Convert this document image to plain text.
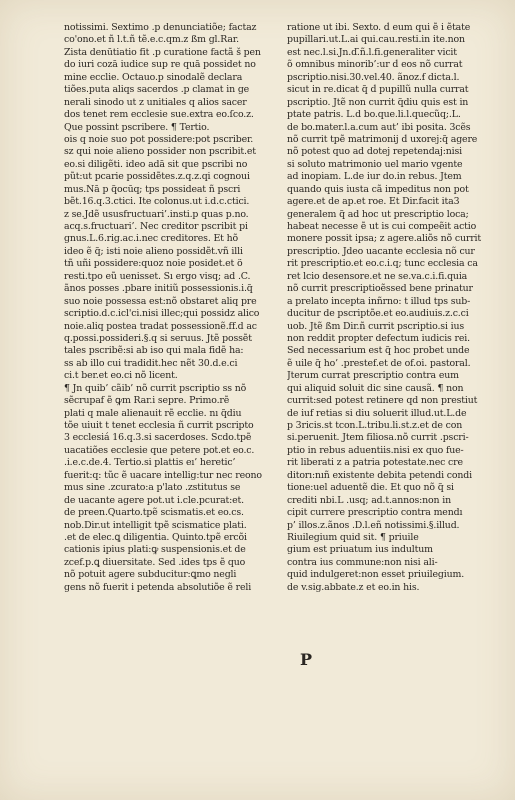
notissimi. Sextimo .p denunciatiõe; factaz
co'ono.et ñ l.t.ñ tẽ.e.c.qm.z ßm gl.Rar.
Zista denūtiatio fit .p curatione factã š pen
do iuri cozā iudice sup re quā possidet no
mine ecclie. Octauo.p sinodalẽ declara
tiões.puta aliqs sacerdos .p clamat in ge
nerali sinodo ut z unitiales q alios sacer
dos tenet rem ecclesie sue.extra eo.ſco.z.
Que possint pscribere. ¶ Tertio.
ois q noie suo pot possidere:pot pscriber.
sz qui noie alieno possider non pscribit.et
eo.si diligẽti. ideo adā sit que pscribi no
pũt:ut pcarie possidẽtes.z.q.z.qi cognoui
mus.Ñā p q̃ocūq; tps possideat ñ pscri
bẽt.16.q.3.ctici. Ite colonus.ut i.d.c.ctici.
z se.Jdẽ ususfructuari’.insti.p quas p.no.
acq.s.fructuari’. Nec creditor pscribit pi
gnus.L.6.rig.ac.i.nec creditores. Et hõ
ideo ẽ q̃; isti noie alieno possidẽt.vñ illi
tñ uñi possidere:quoz noie posidet.et ö
resti.tpo eũ uenisset. Sı ergo visq; ad .C.
ãnos posses .pbare initiũ possessionis.i.q̃
suo noie possessa est:nõ obstaret aliq pre
scriptio.d.c.icl'ci.nisi illec;qui possidz alico
noie.aliq postea tradat possessionẽ.ff.d ac
q.possi.possideri.§.q si seruus. Jtẽ possẽt
tales pscribẽ:si ab iso qui mala fidẽ ha:
ss ab illo cui tradidit.hec nẽt 30.d.e.ci
ci.t ber.et eo.ci nõ licent.
¶ Jn quib’ cãib’ nõ currit pscriptio ss nõ
sẽcrupaf ẽ ꝙm Rar.i sepre. Primo.rẽ
plati q male alienauit rẽ ecclie. nı q̃diu
tõe uiuit t tenet ecclesia ñ currit pscripto
3 ecclesiá 16.q.3.si sacerdoses. Scdo.tpẽ
uacatiões ecclesie que petere pot.et eo.c.
.i.e.c.de.4. Tertio.si plattis eı’ heretic’
fuerit:q: tũc ẽ uacare intellig:tur nec reono
mus sine .zcurato:a p'lato .zstitutus se
de uacante agere pot.ut i.cle.pcurat:et.
de preen.Quarto.tpẽ scismatis.et eo.cs.
nob.Dir.ut intelligit tpẽ scismatice plati.
.et de elec.ꝗ diligentia. Quinto.tpẽ ercõi
cationis ipius plati:ꝙ suspensionis.et de
zcef.p.ꝗ diuersitate. Sed .ides tps ẽ quo
nõ potuit agere subducitur:ꝗmo negli
gens nõ fuerit i petenda absolutiõe ẽ reli
ratione ut ibi. Sexto. ḋ eum qui ẽ i ẽtate
pupillari.ut.L.ai qui.cau.resti.in ite.non
est nec.l.si.Jn.d.̃ñ.l.fi.generaliter vicit
õ omnibus minorib’:ur ḋ eos nõ currat
pscriptio.nisi.30.vel.40. ãnoz.ẜ dicta.l.
sicut in re.dicat q̃ ḋ pupillũ nulla currat
pscriptio. Jtẽ non currit q̃diu quis est in
ptate patris. L.d bo.que.li.l.quecũq;.L.
de bo.mater.l.a.cum aut’ ibi posita. 3cẽs
nõ currit tpẽ matrimonij ḋ uxorej:q̃ agere
nõ potest quo ad dotej repetendaj:nisi
si soluto matrimonio uel mario vgente
ad inopiam. L.de iur do.in rebus. Jtem
quando quis iusta cã impeditus non pot
agere.et de ap.et roe. Et Dir.facit ita3
generalem q̃ ad hoc ut prescriptio loca;
habeat necesse ẽ ut is cui compeẽit actio
monere possit ipsa; z agere.aliõs nõ currit
prescriptio. Jdeo uacante ecclesia nõ cur
rit prescriptio.et eo.c.i.q; tunc ecclesia ca
ret lcio desensore.et ne se.va.c.i.fi.quia
nõ currit prescriptioẽssed bene prinatur
a prelato incepta inñrno: t illud tps sub-
ducitur de pscriptõe.et eo.audiuis.z.c.ci
uob. Jtẽ ßm Dir.ñ currit pscriptio.si ius
non reddit propter defectum iudicis rei.
Sed necessarium est q̃ hoc probet unde
ẽ uile q̃ ho’ .prestef.et de of.oi. pastoral.
Jterum currat prescriptio contra eum
qui aliquid soluit dic sine causã. ¶ non
currit:sed potest retinere qd non prestiut
de iuf retias si diu soluerit illud.ut.L.de
p 3ricis.st tcon.L.tribu.li.st.z.et de con
si.peruenit. Jtem filiosa.nõ currit .pscri-
ptio in rebus aduentiis.nisi ex quo fue-
rit liberati z a patria potestate.nec cre
ditorı:nıñ existente debita petendi condi
tione:uel aduentẽ die. Et quo nõ q̃ si
crediti nbi.L .usq; ad.t.annos:non in
cipit currere prescriptio contra mendı
p’ illos.z.ãnos .D.l.eñ notissimi.§.illud.
Riuilegium quid sit. ¶ priuile
gium est priuatum ius indultum
contra ius commune:non nisi ali-
quid indulgeret:non esset priuilegium.
de v.sig.abbate.z et eo.in his.
P
